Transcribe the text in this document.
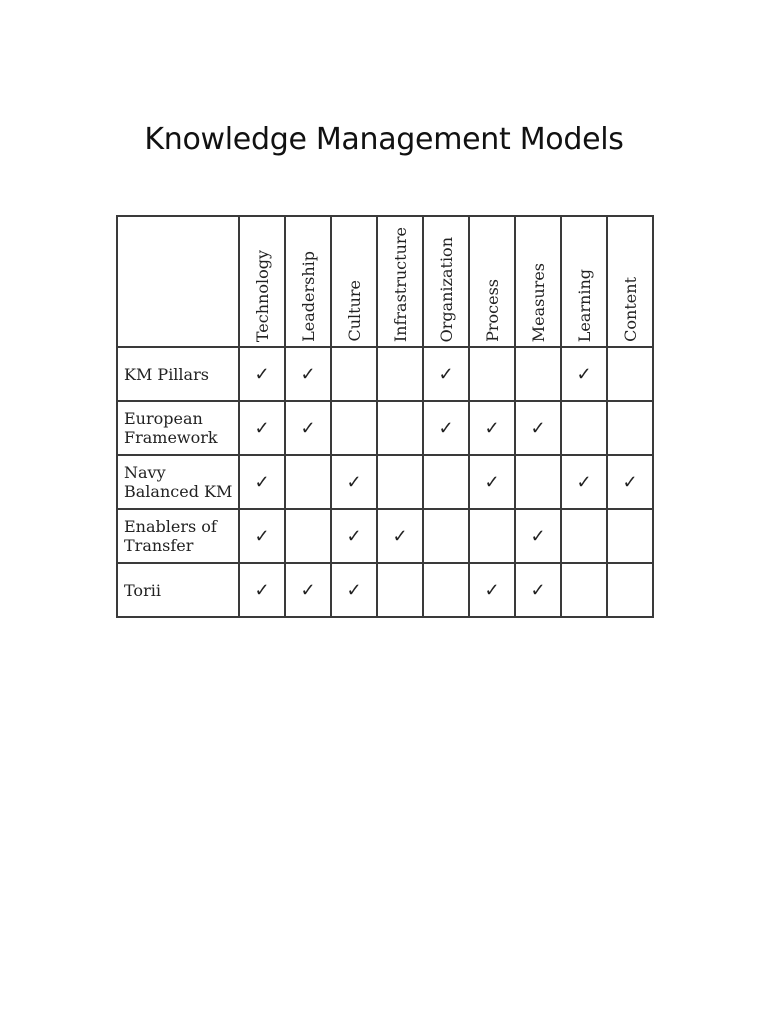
Knowledge Management Models
	Technology	Leadership	Culture	Infrastructure	Organization	Process	Measures	Learning	Content

KM Pillars	✓	✓			✓			✓	

European
Framework	✓	✓			✓	✓	✓		

Navy
Balanced KM	✓		✓			✓		✓	✓

Enablers of
Transfer	✓		✓	✓			✓		

Torii	✓	✓	✓			✓	✓		
